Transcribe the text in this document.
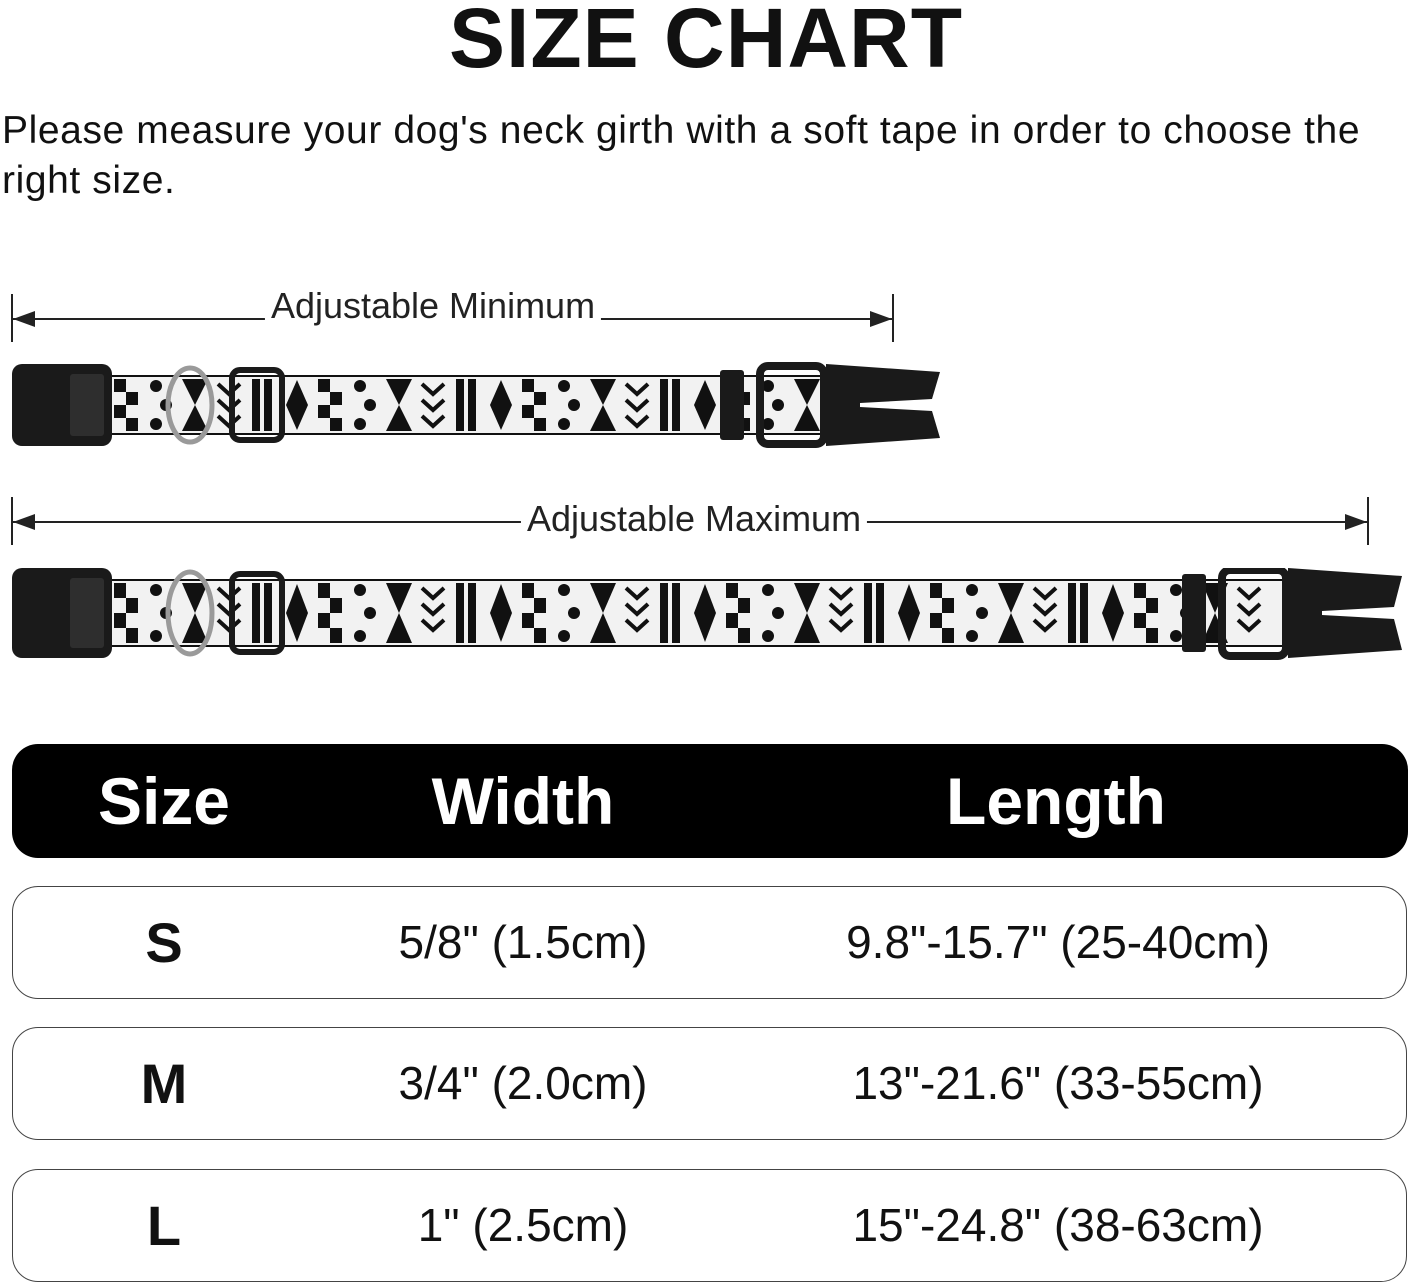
SIZE CHART
Please measure your dog's neck girth with a soft tape in order to choose the right size.
Adjustable Minimum
Adjustable Maximum
Size	Width	Length
S	5/8" (1.5cm)	9.8"-15.7" (25-40cm)
M	3/4" (2.0cm)	13"-21.6" (33-55cm)
L	1" (2.5cm)	15"-24.8" (38-63cm)
